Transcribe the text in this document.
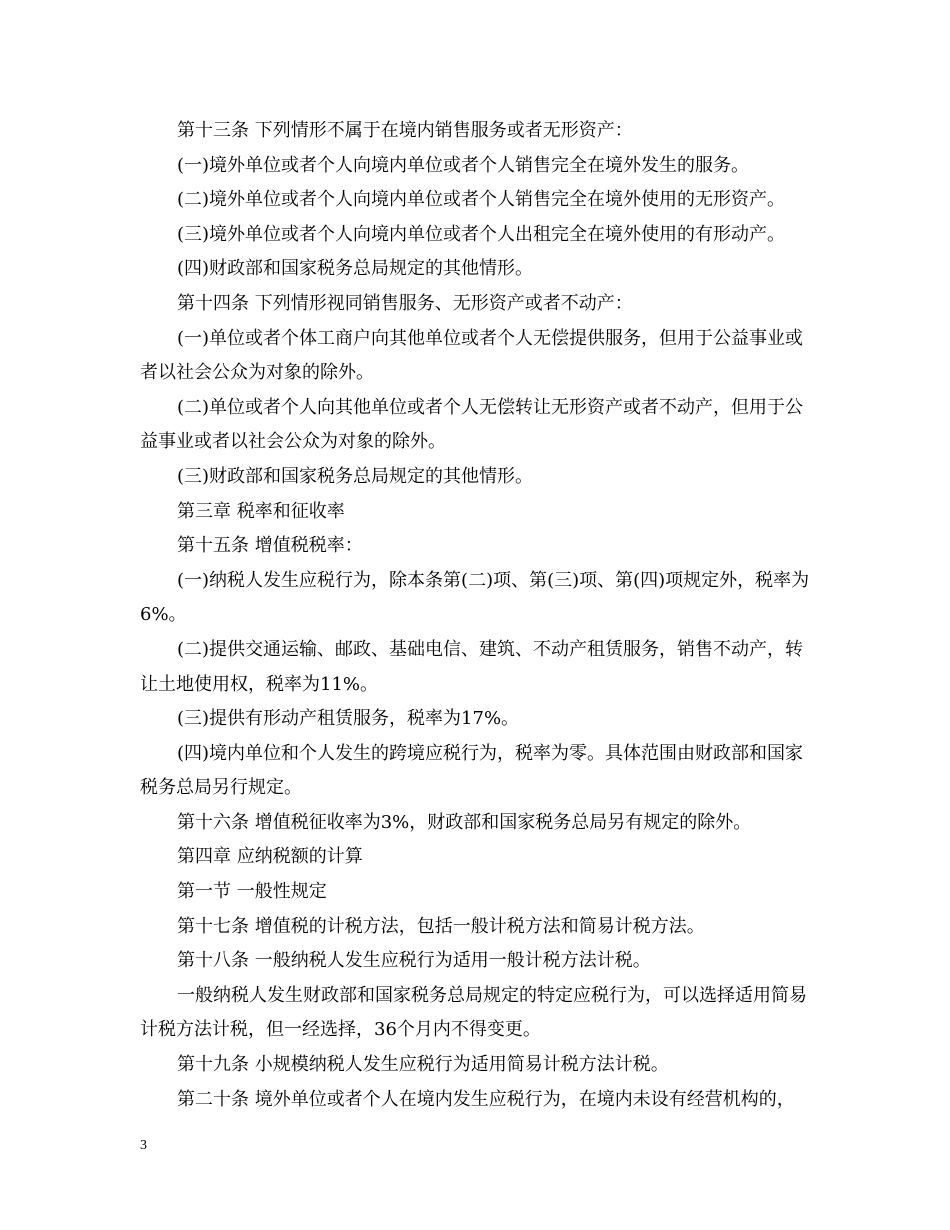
第十三条 下列情形不属于在境内销售服务或者无形资产：

(一)境外单位或者个人向境内单位或者个人销售完全在境外发生的服务。

(二)境外单位或者个人向境内单位或者个人销售完全在境外使用的无形资产。

(三)境外单位或者个人向境内单位或者个人出租完全在境外使用的有形动产。

(四)财政部和国家税务总局规定的其他情形。

第十四条 下列情形视同销售服务、无形资产或者不动产：

(一)单位或者个体工商户向其他单位或者个人无偿提供服务，但用于公益事业或者以社会公众为对象的除外。

(二)单位或者个人向其他单位或者个人无偿转让无形资产或者不动产，但用于公益事业或者以社会公众为对象的除外。

(三)财政部和国家税务总局规定的其他情形。

第三章 税率和征收率

第十五条 增值税税率：

(一)纳税人发生应税行为，除本条第(二)项、第(三)项、第(四)项规定外，税率为6%。

(二)提供交通运输、邮政、基础电信、建筑、不动产租赁服务，销售不动产，转让土地使用权，税率为11%。

(三)提供有形动产租赁服务，税率为17%。

(四)境内单位和个人发生的跨境应税行为，税率为零。具体范围由财政部和国家税务总局另行规定。

第十六条 增值税征收率为3%，财政部和国家税务总局另有规定的除外。

第四章 应纳税额的计算

第一节 一般性规定

第十七条 增值税的计税方法，包括一般计税方法和简易计税方法。

第十八条 一般纳税人发生应税行为适用一般计税方法计税。

一般纳税人发生财政部和国家税务总局规定的特定应税行为，可以选择适用简易计税方法计税，但一经选择，36个月内不得变更。

第十九条 小规模纳税人发生应税行为适用简易计税方法计税。

第二十条 境外单位或者个人在境内发生应税行为，在境内未设有经营机构的，

3
